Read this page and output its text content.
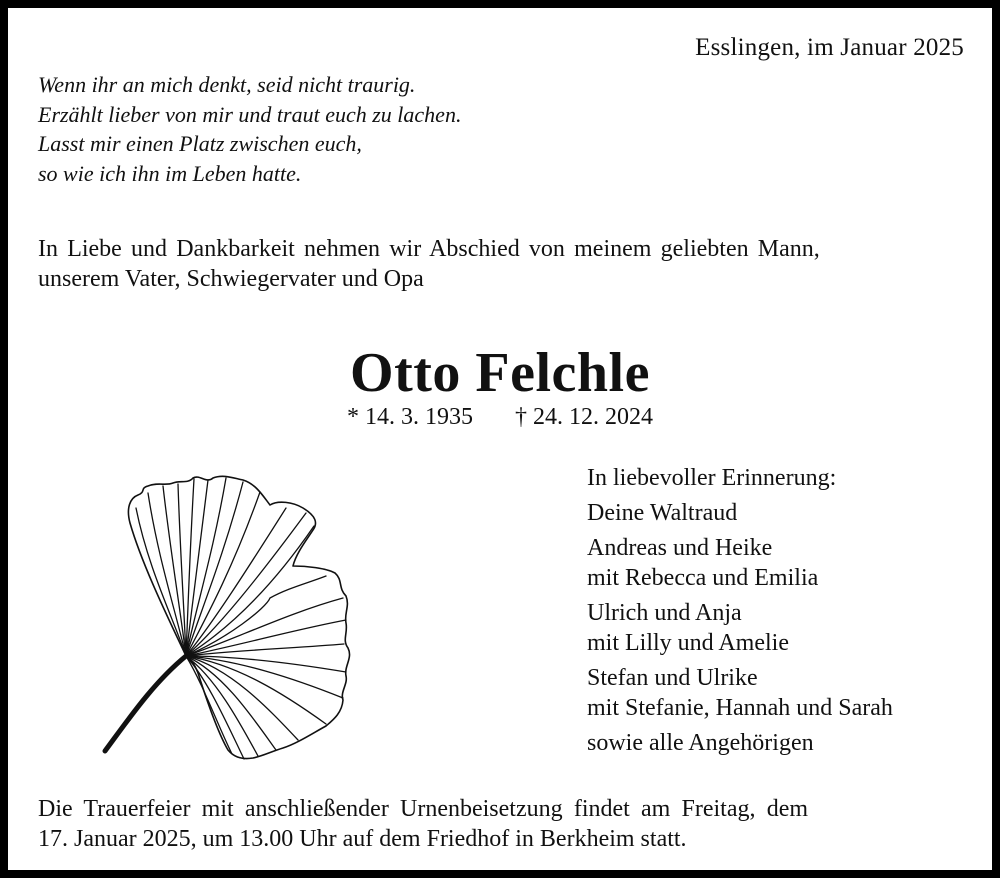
Esslingen, im Januar 2025
Wenn ihr an mich denkt, seid nicht traurig.
Erzählt lieber von mir und traut euch zu lachen.
Lasst mir einen Platz zwischen euch,
so wie ich ihn im Leben hatte.
In Liebe und Dankbarkeit nehmen wir Abschied von meinem geliebten Mann,
unserem Vater, Schwiegervater und Opa
Otto Felchle
* 14. 3. 1935 † 24. 12. 2024
In liebevoller Erinnerung:
Deine Waltraud
Andreas und Heike
mit Rebecca und Emilia
Ulrich und Anja
mit Lilly und Amelie
Stefan und Ulrike
mit Stefanie, Hannah und Sarah
sowie alle Angehörigen
Die Trauerfeier mit anschließender Urnenbeisetzung findet am Freitag, dem
17. Januar 2025, um 13.00 Uhr auf dem Friedhof in Berkheim statt.
